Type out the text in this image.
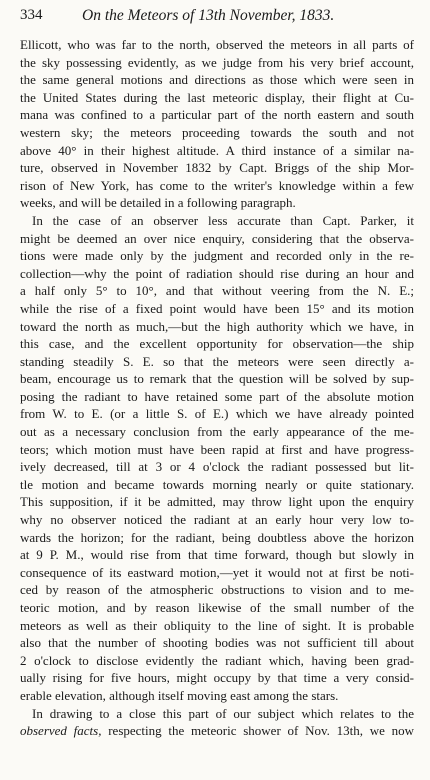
334	On the Meteors of 13th November, 1833.
Ellicott, who was far to the north, observed the meteors in all parts of
the sky possessing evidently, as we judge from his very brief account,
the same general motions and directions as those which were seen in
the United States during the last meteoric display, their flight at Cu-
mana was confined to a particular part of the north eastern and south
western sky; the meteors proceeding towards the south and not
above 40° in their highest altitude. A third instance of a similar na-
ture, observed in November 1832 by Capt. Briggs of the ship Mor-
rison of New York, has come to the writer's knowledge within a few
weeks, and will be detailed in a following paragraph.
In the case of an observer less accurate than Capt. Parker, it
might be deemed an over nice enquiry, considering that the observa-
tions were made only by the judgment and recorded only in the re-
collection—why the point of radiation should rise during an hour and
a half only 5° to 10°, and that without veering from the N. E.;
while the rise of a fixed point would have been 15° and its motion
toward the north as much,—but the high authority which we have, in
this case, and the excellent opportunity for observation—the ship
standing steadily S. E. so that the meteors were seen directly a-
beam, encourage us to remark that the question will be solved by sup-
posing the radiant to have retained some part of the absolute motion
from W. to E. (or a little S. of E.) which we have already pointed
out as a necessary conclusion from the early appearance of the me-
teors; which motion must have been rapid at first and have progress-
ively decreased, till at 3 or 4 o'clock the radiant possessed but lit-
tle motion and became towards morning nearly or quite stationary.
This supposition, if it be admitted, may throw light upon the enquiry
why no observer noticed the radiant at an early hour very low to-
wards the horizon; for the radiant, being doubtless above the horizon
at 9 P. M., would rise from that time forward, though but slowly in
consequence of its eastward motion,—yet it would not at first be noti-
ced by reason of the atmospheric obstructions to vision and to me-
teoric motion, and by reason likewise of the small number of the
meteors as well as their obliquity to the line of sight. It is probable
also that the number of shooting bodies was not sufficient till about
2 o'clock to disclose evidently the radiant which, having been grad-
ually rising for five hours, might occupy by that time a very consid-
erable elevation, although itself moving east among the stars.
In drawing to a close this part of our subject which relates to the
observed facts, respecting the meteoric shower of Nov. 13th, we now
